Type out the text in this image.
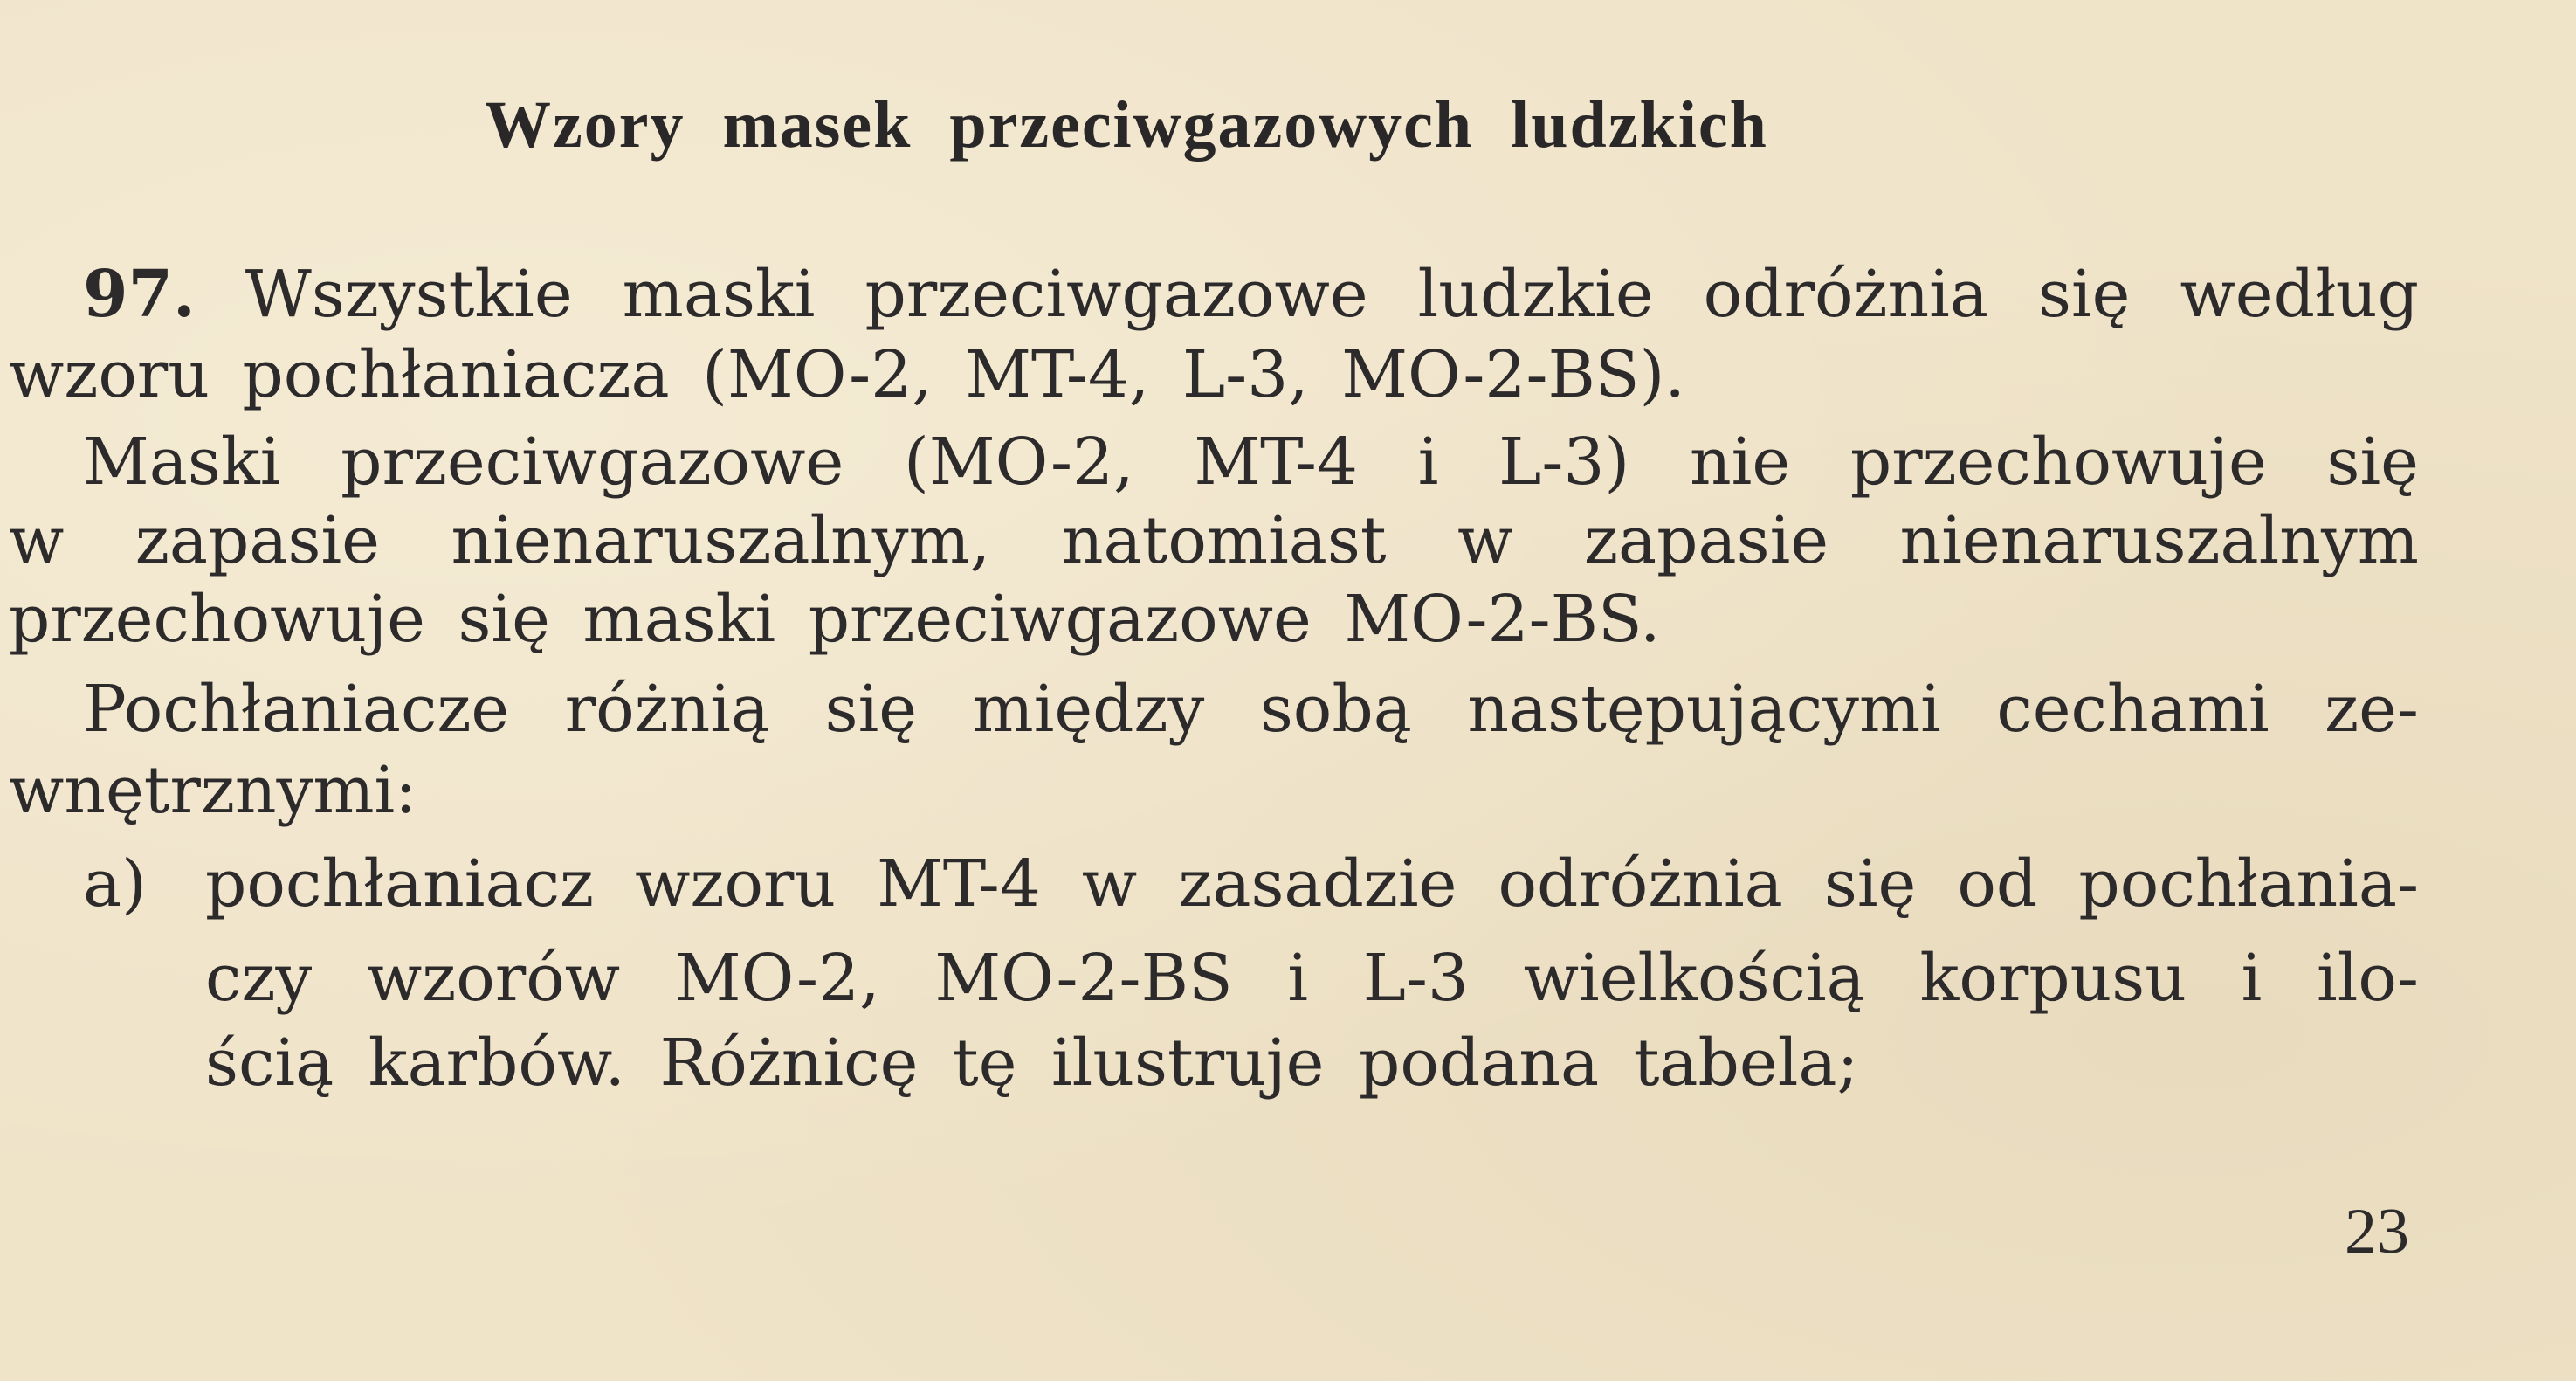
Wzory masek przeciwgazowych ludzkich
97. Wszystkie maski przeciwgazowe ludzkie odróżnia się według
wzoru pochłaniacza (MO-2, MT-4, L-3, MO-2-BS).
Maski przeciwgazowe (MO-2, MT-4 i L-3) nie przechowuje się
w zapasie nienaruszalnym, natomiast w zapasie nienaruszalnym
przechowuje się maski przeciwgazowe MO-2-BS.
Pochłaniacze różnią się między sobą następującymi cechami ze-
wnętrznymi:
a) pochłaniacz wzoru MT-4 w zasadzie odróżnia się od pochłania-
czy wzorów MO-2, MO-2-BS i L-3 wielkością korpusu i ilo-
ścią karbów. Różnicę tę ilustruje podana tabela;
23
